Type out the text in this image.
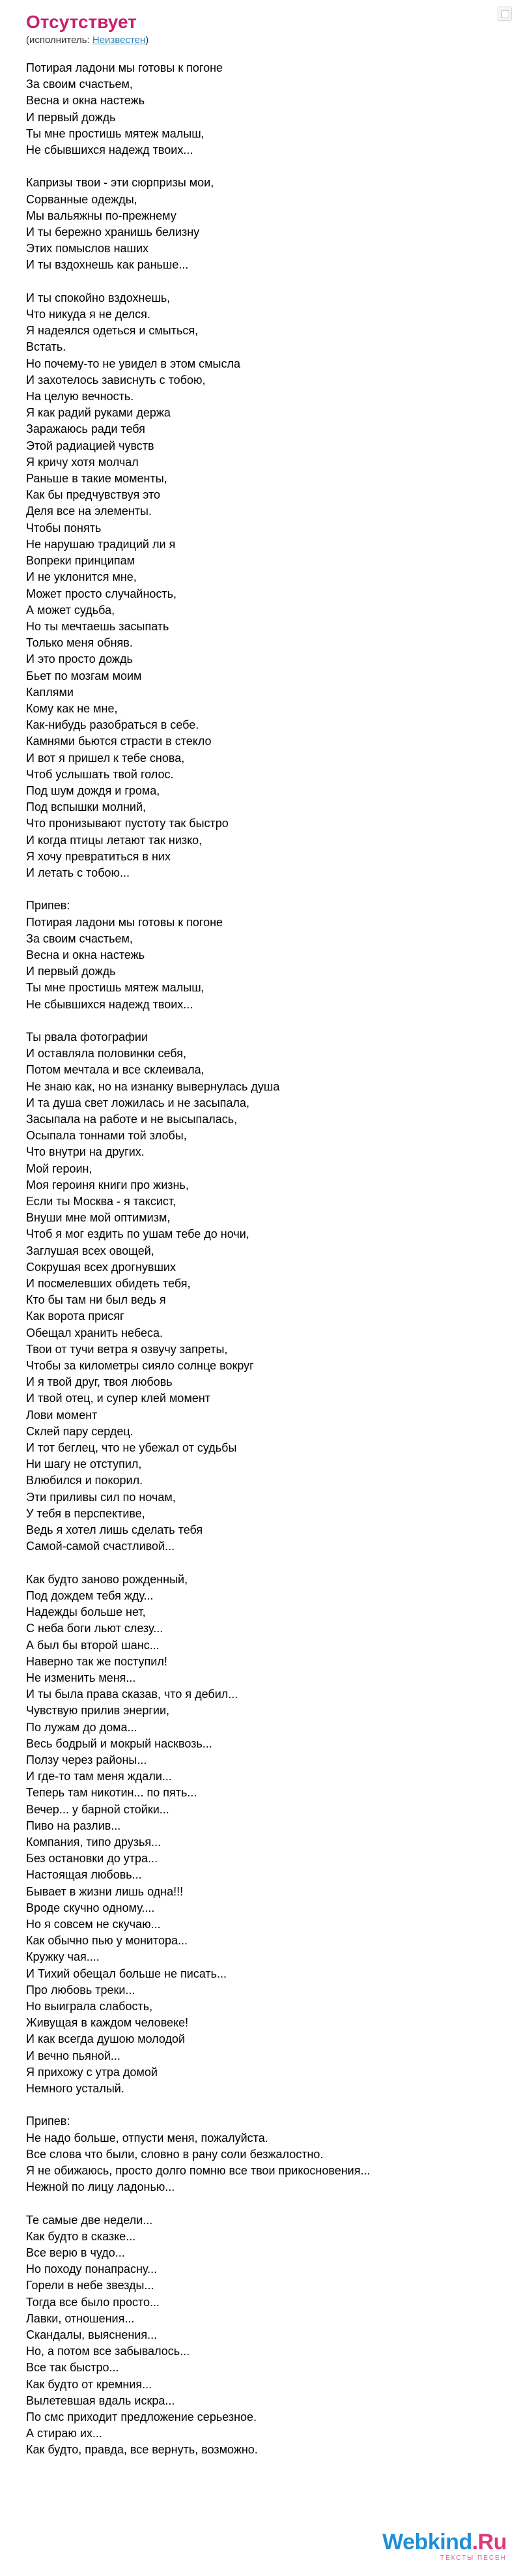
Отсутствует
(исполнитель: Неизвестен)
Потирая ладони мы готовы к погоне
За своим счастьем,
Весна и окна настежь
И первый дождь
Ты мне простишь мятеж малыш,
Не сбывшихся надежд твоих...

Капризы твои - эти сюрпризы мои,
Сорванные одежды,
Мы вальяжны по-прежнему
И ты бережно хранишь белизну
Этих помыслов наших
И ты вздохнешь как раньше...

И ты спокойно вздохнешь,
Что никуда я не делся.
Я надеялся одеться и смыться,
Встать.
Но почему-то не увидел в этом смысла
И захотелось зависнуть с тобою,
На целую вечность.
Я как радий руками держа
Заражаюсь ради тебя
Этой радиацией чувств
Я кричу хотя молчал
Раньше в такие моменты,
Как бы предчувствуя это
Деля все на элементы.
Чтобы понять
Не нарушаю традиций ли я
Вопреки принципам
И не уклонится мне,
Может просто случайность,
А может судьба,
Но ты мечтаешь засыпать
Только меня обняв.
И это просто дождь
Бьет по мозгам моим
Каплями
Кому как не мне,
Как-нибудь разобраться в себе.
Камнями бьются страсти в стекло
И вот я пришел к тебе снова,
Чтоб услышать твой голос.
Под шум дождя и грома,
Под вспышки молний,
Что пронизывают пустоту так быстро
И когда птицы летают так низко,
Я хочу превратиться в них
И летать с тобою...

Припев:
Потирая ладони мы готовы к погоне
За своим счастьем,
Весна и окна настежь
И первый дождь
Ты мне простишь мятеж малыш,
Не сбывшихся надежд твоих...

Ты рвала фотографии
И оставляла половинки себя,
Потом мечтала и все склеивала,
Не знаю как, но на изнанку вывернулась душа
И та душа свет ложилась и не засыпала,
Засыпала на работе и не высыпалась,
Осыпала тоннами той злобы,
Что внутри на других.
Мой героин,
Моя героиня книги про жизнь,
Если ты Москва - я таксист,
Внуши мне мой оптимизм,
Чтоб я мог ездить по ушам тебе до ночи,
Заглушая всех овощей,
Сокрушая всех дрогнувших
И посмелевших обидеть тебя,
Кто бы там ни был ведь я
Как ворота присяг
Обещал хранить небеса.
Твои от тучи ветра я озвучу запреты,
Чтобы за километры сияло солнце вокруг
И я твой друг, твоя любовь
И твой отец, и супер клей момент
Лови момент
Склей пару сердец.
И тот беглец, что не убежал от судьбы
Ни шагу не отступил,
Влюбился и покорил.
Эти приливы сил по ночам,
У тебя в перспективе,
Ведь я хотел лишь сделать тебя
Самой-самой счастливой...

Как будто заново рожденный,
Под дождем тебя жду...
Надежды больше нет,
С неба боги льют слезу...
А был бы второй шанс...
Наверно так же поступил!
Не изменить меня...
И ты была права сказав, что я дебил...
Чувствую прилив энергии,
По лужам до дома...
Весь бодрый и мокрый насквозь...
Ползу через районы...
И где-то там меня ждали...
Теперь там никотин... по пять...
Вечер... у барной стойки...
Пиво на разлив...
Компания, типо друзья...
Без остановки до утра...
Настоящая любовь...
Бывает в жизни лишь одна!!!
Вроде скучно одному....
Но я совсем не скучаю...
Как обычно пью у монитора...
Кружку чая....
И Тихий обещал больше не писать...
Про любовь треки...
Но выиграла слабость,
Живущая в каждом человеке!
И как всегда душою молодой
И вечно пьяной...
Я прихожу с утра домой
Немного усталый.

Припев:
Не надо больше, отпусти меня, пожалуйста.
Все слова что были, словно в рану соли безжалостно.
Я не обижаюсь, просто долго помню все твои прикосновения...
Нежной по лицу ладонью...

Те самые две недели...
Как будто в сказке...
Все верю в чудо...
Но походу понапрасну...
Горели в небе звезды...
Тогда все было просто...
Лавки, отношения...
Скандалы, выяснения...
Но, а потом все забывалось...
Все так быстро...
Как будто от кремния...
Вылетевшая вдаль искра...
По смс приходит предложение серьезное.
А стираю их...
Как будто, правда, все вернуть, возможно.
Webkind.Ru
ТЕКСТЫ ПЕСЕН
